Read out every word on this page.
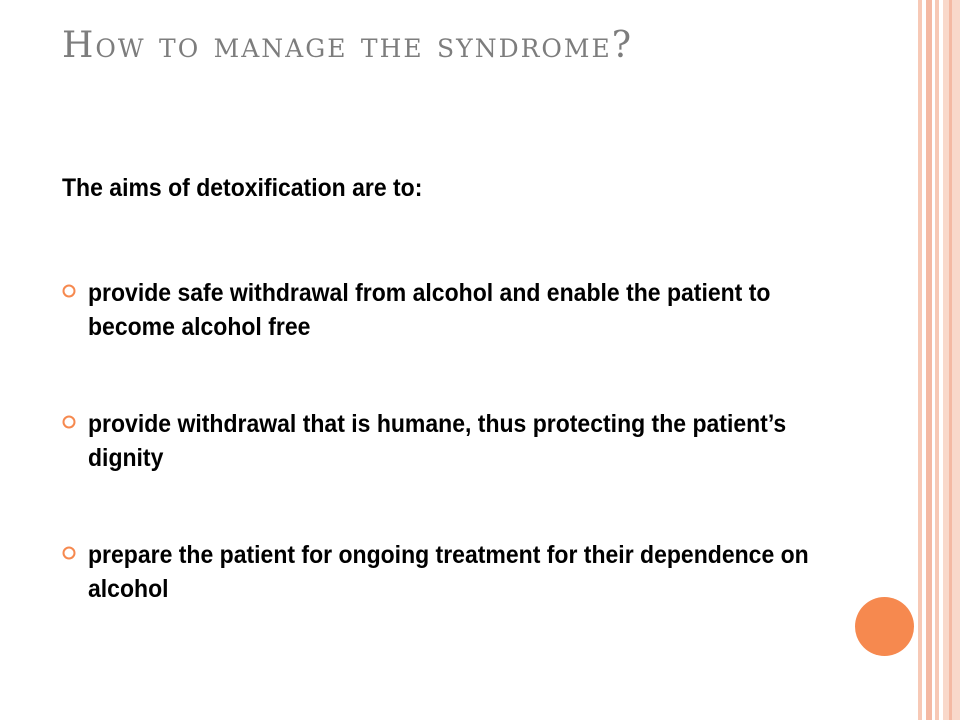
How to manage the syndrome?

The aims of detoxification are to:

provide safe withdrawal from alcohol and enable the patient to become alcohol free
provide withdrawal that is humane, thus protecting the patient’s dignity
prepare the patient for ongoing treatment for their dependence on alcohol
